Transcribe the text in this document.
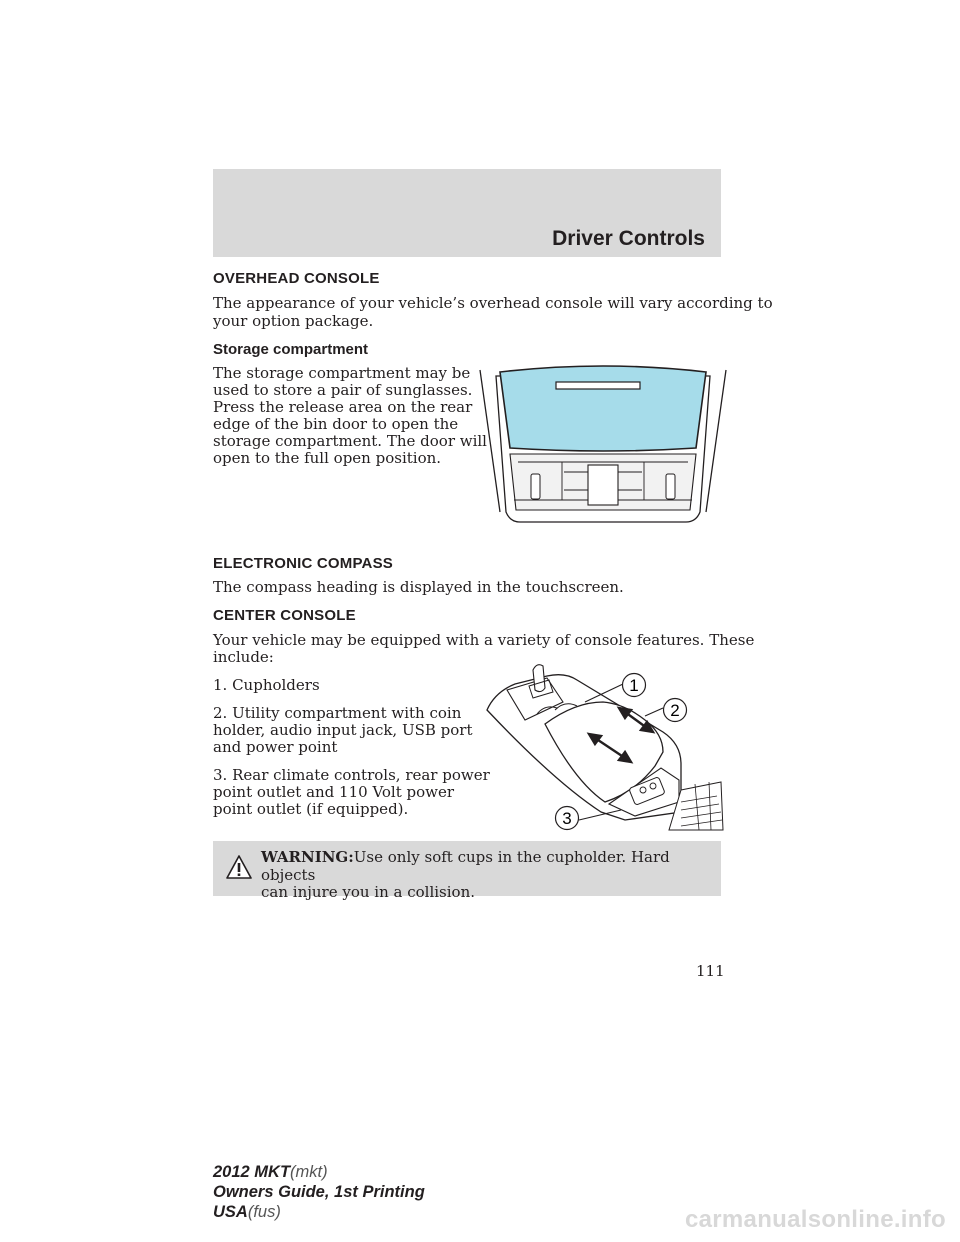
Driver Controls
OVERHEAD CONSOLE

The appearance of your vehicle’s overhead console will vary according to

your option package.

Storage compartment

The storage compartment may be

used to store a pair of sunglasses.

Press the release area on the rear

edge of the bin door to open the

storage compartment. The door will

open to the full open position.

ELECTRONIC COMPASS

The compass heading is displayed in the touchscreen.

CENTER CONSOLE

Your vehicle may be equipped with a variety of console features. These

include:

1. Cupholders

2. Utility compartment with coin

holder, audio input jack, USB port

and power point

3. Rear climate controls, rear power

point outlet and 110 Volt power

point outlet (if equipped).

1
2
3
WARNING:Use only soft cups in the cupholder. Hard objects
can injure you in a collision.
111
2012 MKT(mkt)
Owners Guide, 1st Printing
USA(fus)	carmanualsonline.info
